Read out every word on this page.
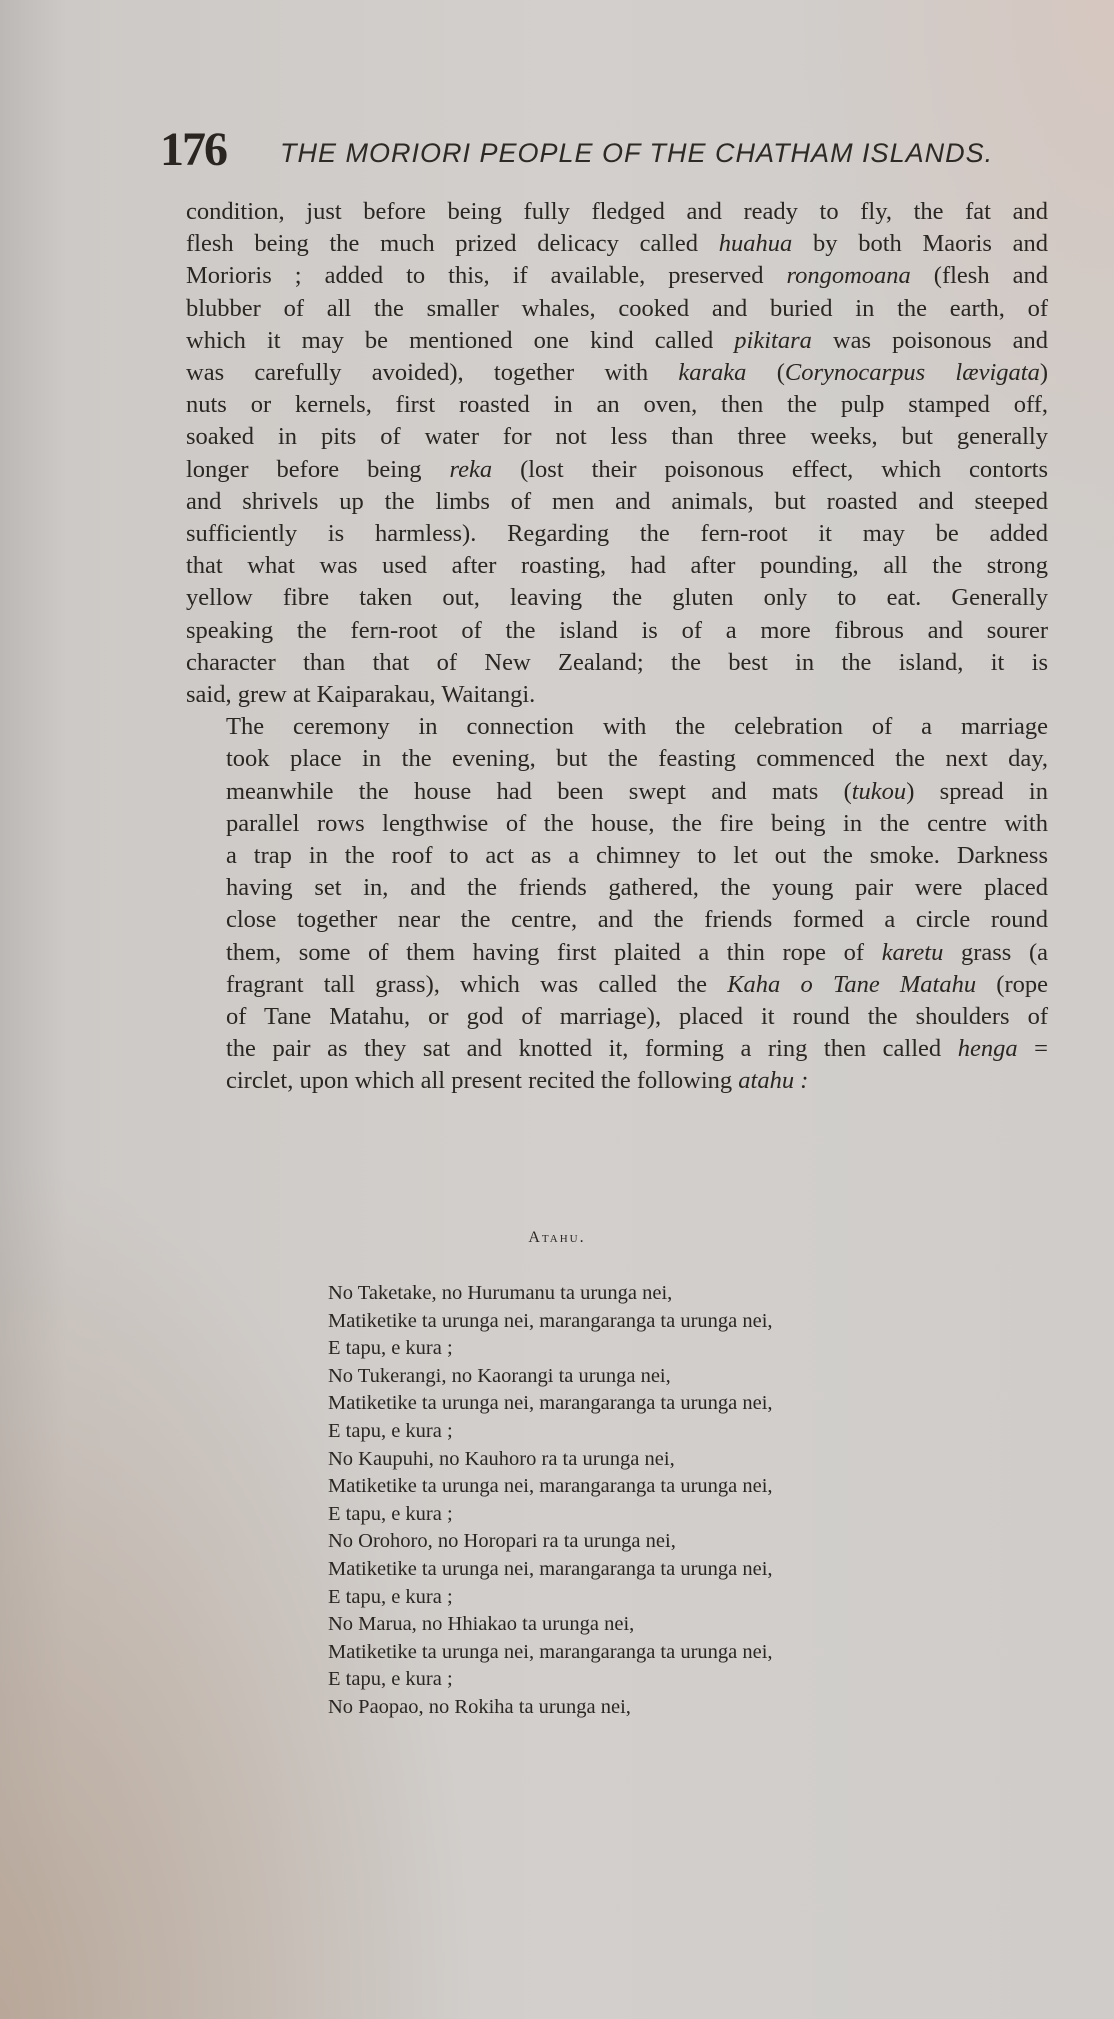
176 THE MORIORI PEOPLE OF THE CHATHAM ISLANDS.

condition, just before being fully fledged and ready to fly, the fat and
flesh being the much prized delicacy called huahua by both Maoris and
Morioris ; added to this, if available, preserved rongomoana (flesh and
blubber of all the smaller whales, cooked and buried in the earth, of
which it may be mentioned one kind called pikitara was poisonous and
was carefully avoided), together with karaka (Corynocarpus lævigata)
nuts or kernels, first roasted in an oven, then the pulp stamped off,
soaked in pits of water for not less than three weeks, but generally
longer before being reka (lost their poisonous effect, which contorts
and shrivels up the limbs of men and animals, but roasted and steeped
sufficiently is harmless). Regarding the fern-root it may be added
that what was used after roasting, had after pounding, all the strong
yellow fibre taken out, leaving the gluten only to eat. Generally
speaking the fern-root of the island is of a more fibrous and sourer
character than that of New Zealand; the best in the island, it is
said, grew at Kaiparakau, Waitangi.

The ceremony in connection with the celebration of a marriage
took place in the evening, but the feasting commenced the next day,
meanwhile the house had been swept and mats (tukou) spread in
parallel rows lengthwise of the house, the fire being in the centre with
a trap in the roof to act as a chimney to let out the smoke. Darkness
having set in, and the friends gathered, the young pair were placed
close together near the centre, and the friends formed a circle round
them, some of them having first plaited a thin rope of karetu grass (a
fragrant tall grass), which was called the Kaha o Tane Matahu (rope
of Tane Matahu, or god of marriage), placed it round the shoulders of
the pair as they sat and knotted it, forming a ring then called henga =
circlet, upon which all present recited the following atahu :

Atahu.
No Taketake, no Hurumanu ta urunga nei,
Matiketike ta urunga nei, marangaranga ta urunga nei,
E tapu, e kura ;
No Tukerangi, no Kaorangi ta urunga nei,
Matiketike ta urunga nei, marangaranga ta urunga nei,
E tapu, e kura ;
No Kaupuhi, no Kauhoro ra ta urunga nei,
Matiketike ta urunga nei, marangaranga ta urunga nei,
E tapu, e kura ;
No Orohoro, no Horopari ra ta urunga nei,
Matiketike ta urunga nei, marangaranga ta urunga nei,
E tapu, e kura ;
No Marua, no Hhiakao ta urunga nei,
Matiketike ta urunga nei, marangaranga ta urunga nei,
E tapu, e kura ;
No Paopao, no Rokiha ta urunga nei,
